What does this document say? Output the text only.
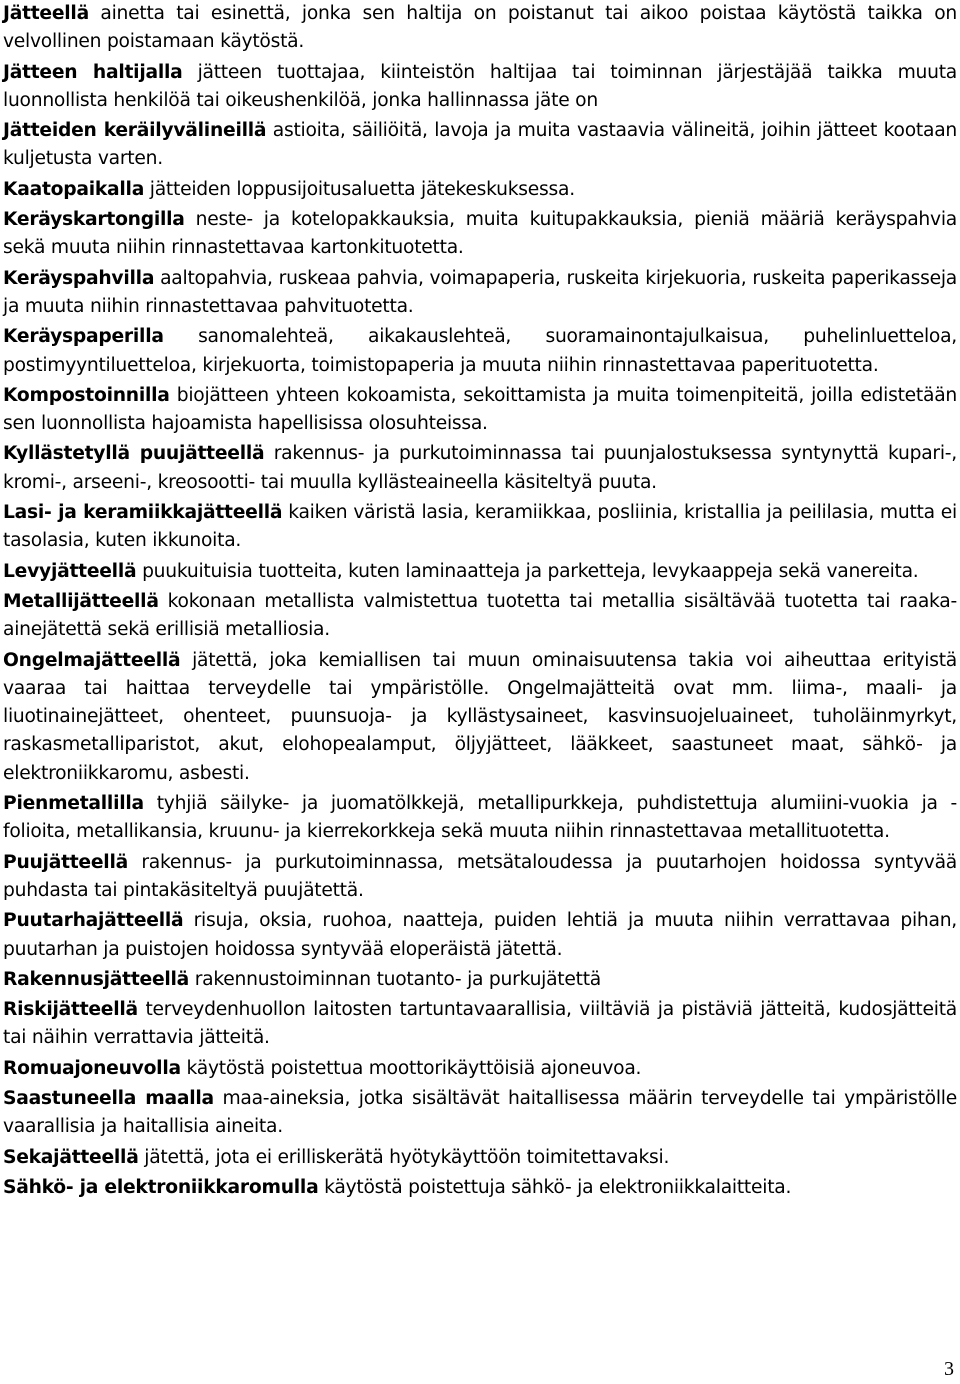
Jätteellä ainetta tai esinettä, jonka sen haltija on poistanut tai aikoo poistaa käytöstä taikka on velvollinen poistamaan käytöstä.

Jätteen haltijalla jätteen tuottajaa, kiinteistön haltijaa tai toiminnan järjestäjää taikka muuta luonnollista henkilöä tai oikeushenkilöä, jonka hallinnassa jäte on

Jätteiden keräilyvälineillä astioita, säiliöitä, lavoja ja muita vastaavia välineitä, joihin jätteet kootaan kuljetusta varten.

Kaatopaikalla jätteiden loppusijoitusaluetta jätekeskuksessa.

Keräyskartongilla neste- ja kotelopakkauksia, muita kuitupakkauksia, pieniä määriä keräyspahvia sekä muuta niihin rinnastettavaa kartonkituotetta.

Keräyspahvilla aaltopahvia, ruskeaa pahvia, voimapaperia, ruskeita kirjekuoria, ruskeita paperikasseja ja muuta niihin rinnastettavaa pahvituotetta.

Keräyspaperilla sanomalehteä, aikakauslehteä, suoramainontajulkaisua, puhelinluetteloa, postimyyntiluetteloa, kirjekuorta, toimistopaperia ja muuta niihin rinnastettavaa paperituotetta.

Kompostoinnilla biojätteen yhteen kokoamista, sekoittamista ja muita toimenpiteitä, joilla edistetään sen luonnollista hajoamista hapellisissa olosuhteissa.

Kyllästetyllä puujätteellä rakennus- ja purkutoiminnassa tai puunjalostuksessa syntynyttä kupari-, kromi-, arseeni-, kreosootti- tai muulla kyllästeaineella käsiteltyä puuta.

Lasi- ja keramiikkajätteellä kaiken väristä lasia, keramiikkaa, posliinia, kristallia ja peililasia, mutta ei tasolasia, kuten ikkunoita.

Levyjätteellä puukuituisia tuotteita, kuten laminaatteja ja parketteja, levykaappeja sekä vanereita.

Metallijätteellä kokonaan metallista valmistettua tuotetta tai metallia sisältävää tuotetta tai raaka-ainejätettä sekä erillisiä metalliosia.

Ongelmajätteellä jätettä, joka kemiallisen tai muun ominaisuutensa takia voi aiheuttaa erityistä vaaraa tai haittaa terveydelle tai ympäristölle. Ongelmajätteitä ovat mm. liima-, maali- ja liuotinainejätteet, ohenteet, puunsuoja- ja kyllästysaineet, kasvinsuojeluaineet, tuholäinmyrkyt, raskasmetalliparistot, akut, elohopealamput, öljyjätteet, lääkkeet, saastuneet maat, sähkö- ja elektroniikkaromu, asbesti.

Pienmetallilla tyhjiä säilyke- ja juomatölkkejä, metallipurkkeja, puhdistettuja alumiini-vuokia ja -folioita, metallikansia, kruunu- ja kierrekorkkeja sekä muuta niihin rinnastettavaa metallituotetta.

Puujätteellä rakennus- ja purkutoiminnassa, metsätaloudessa ja puutarhojen hoidossa syntyvää puhdasta tai pintakäsiteltyä puujätettä.

Puutarhajätteellä risuja, oksia, ruohoa, naatteja, puiden lehtiä ja muuta niihin verrattavaa pihan, puutarhan ja puistojen hoidossa syntyvää eloperäistä jätettä.

Rakennusjätteellä rakennustoiminnan tuotanto- ja purkujätettä

Riskijätteellä terveydenhuollon laitosten tartuntavaarallisia, viiltäviä ja pistäviä jätteitä, kudosjätteitä tai näihin verrattavia jätteitä.

Romuajoneuvolla käytöstä poistettua moottorikäyttöisiä ajoneuvoa.

Saastuneella maalla maa-aineksia, jotka sisältävät haitallisessa määrin terveydelle tai ympäristölle vaarallisia ja haitallisia aineita.

Sekajätteellä jätettä, jota ei erilliskerätä hyötykäyttöön toimitettavaksi.

Sähkö- ja elektroniikkaromulla käytöstä poistettuja sähkö- ja elektroniikkalaitteita.

3
